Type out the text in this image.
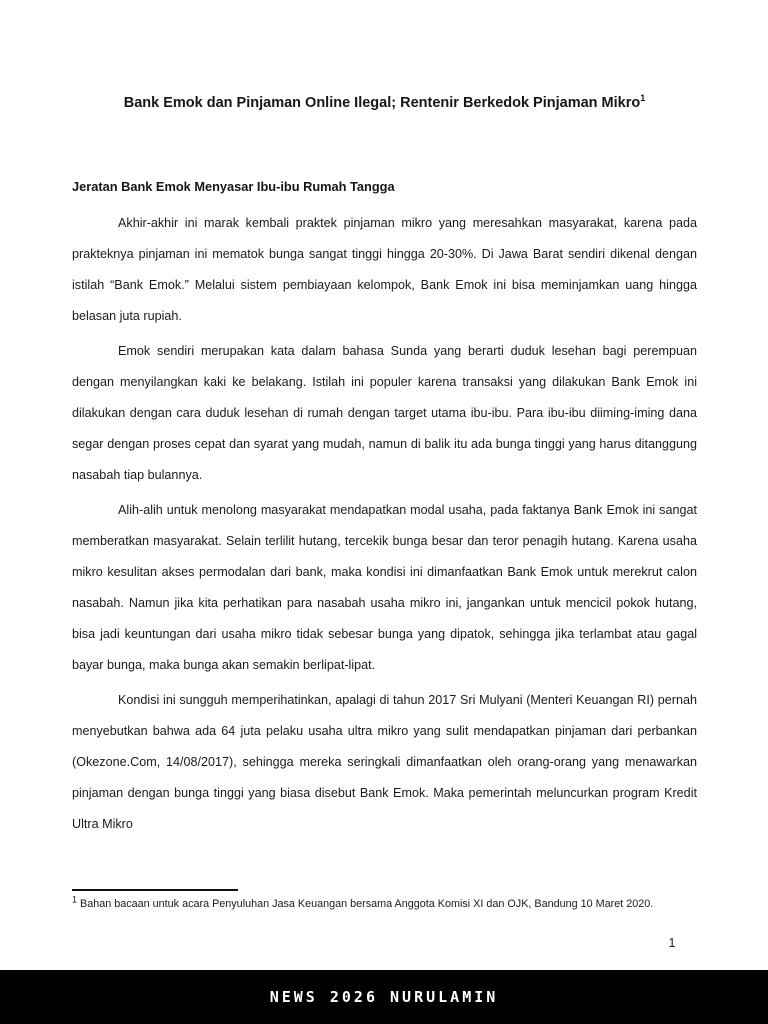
Bank Emok dan Pinjaman Online Ilegal; Rentenir Berkedok Pinjaman Mikro$^1$
Jeratan Bank Emok Menyasar Ibu-ibu Rumah Tangga

Akhir-akhir ini marak kembali praktek pinjaman mikro yang meresahkan masyarakat, karena pada prakteknya pinjaman ini mematok bunga sangat tinggi hingga 20-30%. Di Jawa Barat sendiri dikenal dengan istilah “Bank Emok.” Melalui sistem pembiayaan kelompok, Bank Emok ini bisa meminjamkan uang hingga belasan juta rupiah.

Emok sendiri merupakan kata dalam bahasa Sunda yang berarti duduk lesehan bagi perempuan dengan menyilangkan kaki ke belakang. Istilah ini populer karena transaksi yang dilakukan Bank Emok ini dilakukan dengan cara duduk lesehan di rumah dengan target utama ibu-ibu. Para ibu-ibu diiming-iming dana segar dengan proses cepat dan syarat yang mudah, namun di balik itu ada bunga tinggi yang harus ditanggung nasabah tiap bulannya.

Alih-alih untuk menolong masyarakat mendapatkan modal usaha, pada faktanya Bank Emok ini sangat memberatkan masyarakat. Selain terlilit hutang, tercekik bunga besar dan teror penagih hutang. Karena usaha mikro kesulitan akses permodalan dari bank, maka kondisi ini dimanfaatkan Bank Emok untuk merekrut calon nasabah. Namun jika kita perhatikan para nasabah usaha mikro ini, jangankan untuk mencicil pokok hutang, bisa jadi keuntungan dari usaha mikro tidak sebesar bunga yang dipatok, sehingga jika terlambat atau gagal bayar bunga, maka bunga akan semakin berlipat-lipat.

Kondisi ini sungguh memperihatinkan, apalagi di tahun 2017 Sri Mulyani (Menteri Keuangan RI) pernah menyebutkan bahwa ada 64 juta pelaku usaha ultra mikro yang sulit mendapatkan pinjaman dari perbankan (Okezone.Com, 14/08/2017), sehingga mereka seringkali dimanfaatkan oleh orang-orang yang menawarkan pinjaman dengan bunga tinggi yang biasa disebut Bank Emok. Maka pemerintah meluncurkan program Kredit Ultra Mikro

$^1$ Bahan bacaan untuk acara Penyuluhan Jasa Keuangan bersama Anggota Komisi XI dan OJK, Bandung 10 Maret 2020.
1
NEWS 2026 NURULAMIN
